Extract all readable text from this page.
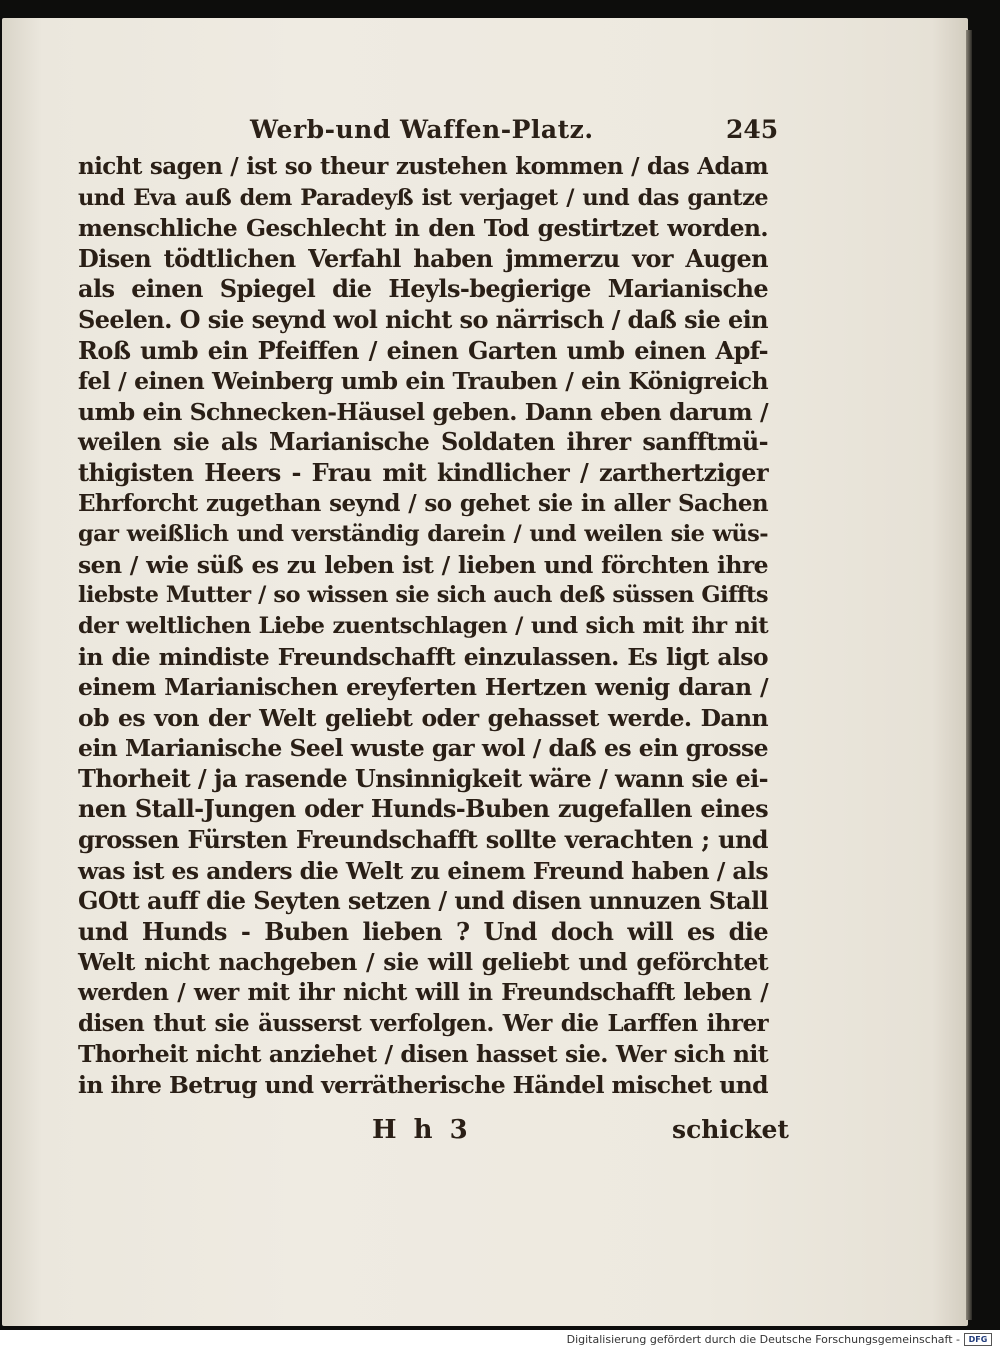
Werb-und Waffen-Platz.	245
nicht sagen / ist so theur zustehen kommen / das Adam
und Eva auß dem Paradeyß ist verjaget / und das gantze
menschliche Geschlecht in den Tod gestirtzet worden.
Disen tödtlichen Verfahl haben jmmerzu vor Augen
als einen Spiegel die Heyls-begierige Marianische
Seelen. O sie seynd wol nicht so närrisch / daß sie ein
Roß umb ein Pfeiffen / einen Garten umb einen Apf-
fel / einen Weinberg umb ein Trauben / ein Königreich
umb ein Schnecken-Häusel geben. Dann eben darum /
weilen sie als Marianische Soldaten ihrer sanfftmü-
thigisten Heers - Frau mit kindlicher / zarthertziger
Ehrforcht zugethan seynd / so gehet sie in aller Sachen
gar weißlich und verständig darein / und weilen sie wüs-
sen / wie süß es zu leben ist / lieben und förchten ihre
liebste Mutter / so wissen sie sich auch deß süssen Giffts
der weltlichen Liebe zuentschlagen / und sich mit ihr nit
in die mindiste Freundschafft einzulassen. Es ligt also
einem Marianischen ereyferten Hertzen wenig daran /
ob es von der Welt geliebt oder gehasset werde. Dann
ein Marianische Seel wuste gar wol / daß es ein grosse
Thorheit / ja rasende Unsinnigkeit wäre / wann sie ei-
nen Stall-Jungen oder Hunds-Buben zugefallen eines
grossen Fürsten Freundschafft sollte verachten ; und
was ist es anders die Welt zu einem Freund haben / als
GOtt auff die Seyten setzen / und disen unnuzen Stall
und Hunds - Buben lieben ? Und doch will es die
Welt nicht nachgeben / sie will geliebt und geförchtet
werden / wer mit ihr nicht will in Freundschafft leben /
disen thut sie äusserst verfolgen. Wer die Larffen ihrer
Thorheit nicht anziehet / disen hasset sie. Wer sich nit
in ihre Betrug und verrätherische Händel mischet und
H h 3	schicket
Digitalisierung gefördert durch die Deutsche Forschungsgemeinschaft -	DFG
